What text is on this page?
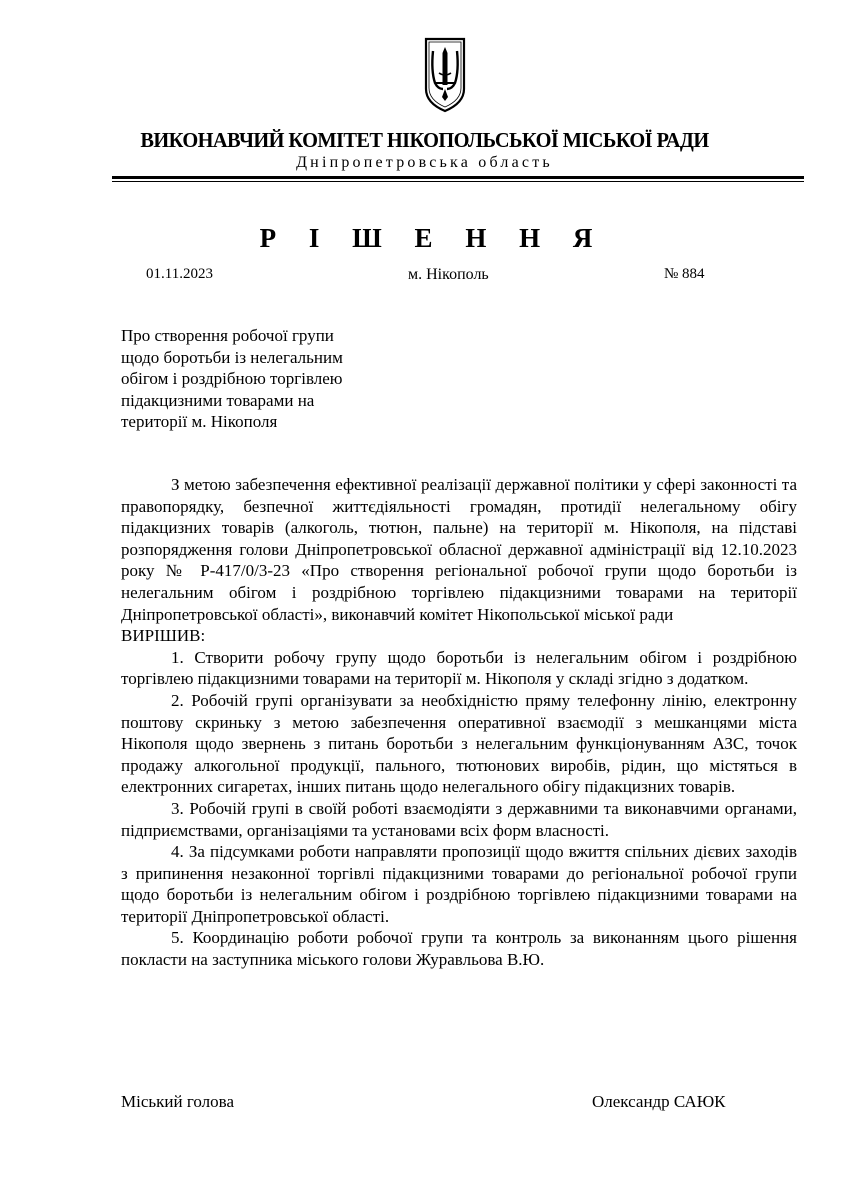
ВИКОНАВЧИЙ КОМІТЕТ НІКОПОЛЬСЬКОЇ МІСЬКОЇ РАДИ
Дніпропетровська область
Р І Ш Е Н Н Я
01.11.2023	м. Нікополь	№ 884
Про створення робочої групи
щодо боротьби із нелегальним
обігом і роздрібною торгівлею
підакцизними товарами на
території м. Нікополя

З метою забезпечення ефективної реалізації державної політики у сфері законності та правопорядку, безпечної життєдіяльності громадян, протидії нелегальному обігу підакцизних товарів (алкоголь, тютюн, пальне) на території м. Нікополя, на підставі розпорядження голови Дніпропетровської обласної державної адміністрації від 12.10.2023 року № Р-417/0/3-23 «Про створення регіональної робочої групи щодо боротьби із нелегальним обігом і роздрібною торгівлею підакцизними товарами на території Дніпропетровської області», виконавчий комітет Нікопольської міської ради

ВИРІШИВ:

1. Створити робочу групу щодо боротьби із нелегальним обігом і роздрібною торгівлею підакцизними товарами на території м. Нікополя у складі згідно з додатком.

2. Робочій групі організувати за необхідністю пряму телефонну лінію, електронну поштову скриньку з метою забезпечення оперативної взаємодії з мешканцями міста Нікополя щодо звернень з питань боротьби з нелегальним функціонуванням АЗС, точок продажу алкогольної продукції, пального, тютюнових виробів, рідин, що містяться в електронних сигаретах, інших питань щодо нелегального обігу підакцизних товарів.

3. Робочій групі в своїй роботі взаємодіяти з державними та виконавчими органами, підприємствами, організаціями та установами всіх форм власності.

4. За підсумками роботи направляти пропозиції щодо вжиття спільних дієвих заходів з припинення незаконної торгівлі підакцизними товарами до регіональної робочої групи щодо боротьби із нелегальним обігом і роздрібною торгівлею підакцизними товарами на території Дніпропетровської області.

5. Координацію роботи робочої групи та контроль за виконанням цього рішення покласти на заступника міського голови Журавльова В.Ю.

Міський голова	Олександр САЮК
